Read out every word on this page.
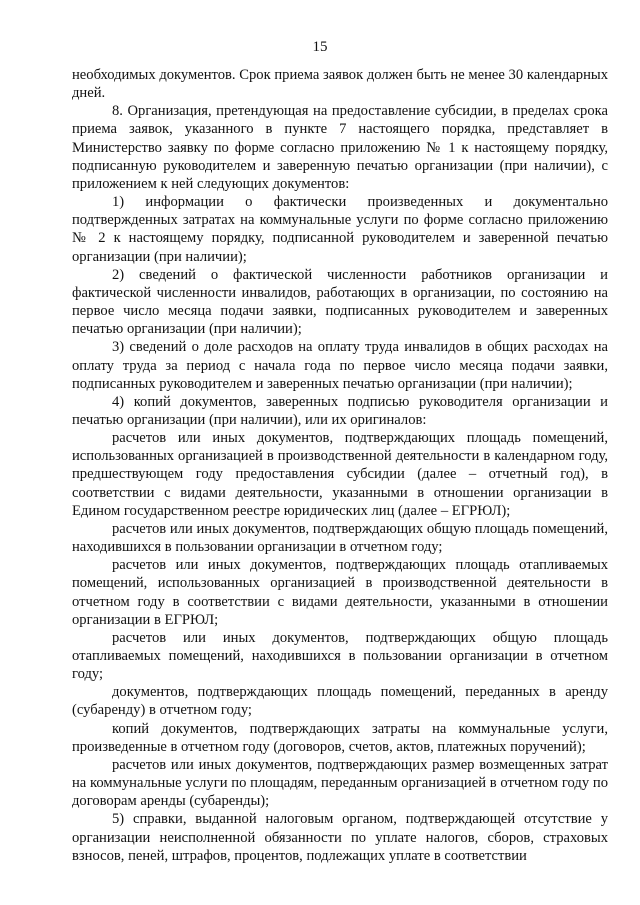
15

необходимых документов. Срок приема заявок должен быть не менее 30 календарных дней.

8. Организация, претендующая на предоставление субсидии, в пределах срока приема заявок, указанного в пункте 7 настоящего порядка, представляет в Министерство заявку по форме согласно приложению № 1 к настоящему порядку, подписанную руководителем и заверенную печатью организации (при наличии), с приложением к ней следующих документов:

1) информации о фактически произведенных и документально подтвержденных затратах на коммунальные услуги по форме согласно приложению № 2 к настоящему порядку, подписанной руководителем и заверенной печатью организации (при наличии);

2) сведений о фактической численности работников организации и фактической численности инвалидов, работающих в организации, по состоянию на первое число месяца подачи заявки, подписанных руководителем и заверенных печатью организации (при наличии);

3) сведений о доле расходов на оплату труда инвалидов в общих расходах на оплату труда за период с начала года по первое число месяца подачи заявки, подписанных руководителем и заверенных печатью организации (при наличии);

4) копий документов, заверенных подписью руководителя организации и печатью организации (при наличии), или их оригиналов:

расчетов или иных документов, подтверждающих площадь помещений, использованных организацией в производственной деятельности в календарном году, предшествующем году предоставления субсидии (далее – отчетный год), в соответствии с видами деятельности, указанными в отношении организации в Едином государственном реестре юридических лиц (далее – ЕГРЮЛ);

расчетов или иных документов, подтверждающих общую площадь помещений, находившихся в пользовании организации в отчетном году;

расчетов или иных документов, подтверждающих площадь отапливаемых помещений, использованных организацией в производственной деятельности в отчетном году в соответствии с видами деятельности, указанными в отношении организации в ЕГРЮЛ;

расчетов или иных документов, подтверждающих общую площадь отапливаемых помещений, находившихся в пользовании организации в отчетном году;

документов, подтверждающих площадь помещений, переданных в аренду (субаренду) в отчетном году;

копий документов, подтверждающих затраты на коммунальные услуги, произведенные в отчетном году (договоров, счетов, актов, платежных поручений);

расчетов или иных документов, подтверждающих размер возмещенных затрат на коммунальные услуги по площадям, переданным организацией в отчетном году по договорам аренды (субаренды);

5) справки, выданной налоговым органом, подтверждающей отсутствие у организации неисполненной обязанности по уплате налогов, сборов, страховых взносов, пеней, штрафов, процентов, подлежащих уплате в соответствии
